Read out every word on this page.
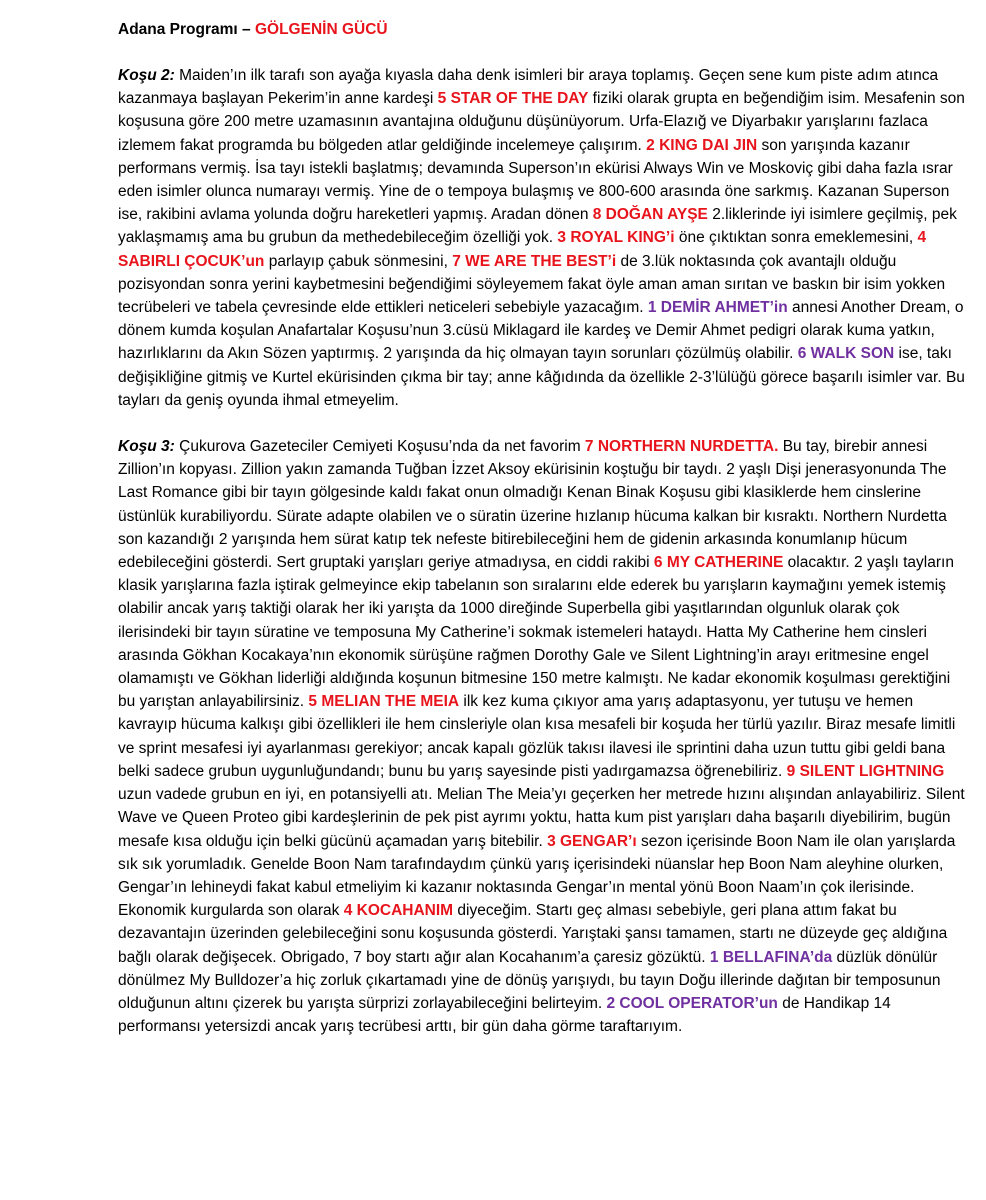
Adana Programı – GÖLGENİN GÜCÜ
Koşu 2: Maiden’ın ilk tarafı son ayağa kıyasla daha denk isimleri bir araya toplamış. Geçen sene kum piste adım atınca kazanmaya başlayan Pekerim’in anne kardeşi 5 STAR OF THE DAY fiziki olarak grupta en beğendiğim isim. Mesafenin son koşusuna göre 200 metre uzamasının avantajına olduğunu düşünüyorum. Urfa-Elazığ ve Diyarbakır yarışlarını fazlaca izlemem fakat programda bu bölgeden atlar geldiğinde incelemeye çalışırım. 2 KING DAI JIN son yarışında kazanır performans vermiş. İsa tayı istekli başlatmış; devamında Superson’ın ekürisi Always Win ve Moskoviç gibi daha fazla ısrar eden isimler olunca numarayı vermiş. Yine de o tempoya bulaşmış ve 800-600 arasında öne sarkmış. Kazanan Superson ise, rakibini avlama yolunda doğru hareketleri yapmış. Aradan dönen 8 DOĞAN AYŞE 2.liklerinde iyi isimlere geçilmiş, pek yaklaşmamış ama bu grubun da methedebileceğim özelliği yok. 3 ROYAL KING’i öne çıktıktan sonra emeklemesini, 4 SABIRLI ÇOCUK’un parlayıp çabuk sönmesini, 7 WE ARE THE BEST’i de 3.lük noktasında çok avantajlı olduğu pozisyondan sonra yerini kaybetmesini beğendiğimi söyleyemem fakat öyle aman aman sırıtan ve baskın bir isim yokken tecrübeleri ve tabela çevresinde elde ettikleri neticeleri sebebiyle yazacağım. 1 DEMİR AHMET’in annesi Another Dream, o dönem kumda koşulan Anafartalar Koşusu’nun 3.cüsü Miklagard ile kardeş ve Demir Ahmet pedigri olarak kuma yatkın, hazırlıklarını da Akın Sözen yaptırmış. 2 yarışında da hiç olmayan tayın sorunları çözülmüş olabilir. 6 WALK SON ise, takı değişikliğine gitmiş ve Kurtel ekürisinden çıkma bir tay; anne kâğıdında da özellikle 2-3’lülüğü görece başarılı isimler var. Bu tayları da geniş oyunda ihmal etmeyelim.
Koşu 3: Çukurova Gazeteciler Cemiyeti Koşusu’nda da net favorim 7 NORTHERN NURDETTA. Bu tay, birebir annesi Zillion’ın kopyası. Zillion yakın zamanda Tuğban İzzet Aksoy ekürisinin koştuğu bir taydı. 2 yaşlı Dişi jenerasyonunda The Last Romance gibi bir tayın gölgesinde kaldı fakat onun olmadığı Kenan Binak Koşusu gibi klasiklerde hem cinslerine üstünlük kurabiliyordu. Sürate adapte olabilen ve o süratin üzerine hızlanıp hücuma kalkan bir kısraktı. Northern Nurdetta son kazandığı 2 yarışında hem sürat katıp tek nefeste bitirebileceğini hem de gidenin arkasında konumlanıp hücum edebileceğini gösterdi. Sert gruptaki yarışları geriye atmadıysa, en ciddi rakibi 6 MY CATHERINE olacaktır. 2 yaşlı tayların klasik yarışlarına fazla iştirak gelmeyince ekip tabelanın son sıralarını elde ederek bu yarışların kaymağını yemek istemiş olabilir ancak yarış taktiği olarak her iki yarışta da 1000 direğinde Superbella gibi yaşıtlarından olgunluk olarak çok ilerisindeki bir tayın süratine ve temposuna My Catherine’i sokmak istemeleri hataydı. Hatta My Catherine hem cinsleri arasında Gökhan Kocakaya’nın ekonomik sürüşüne rağmen Dorothy Gale ve Silent Lightning’in arayı eritmesine engel olamamıştı ve Gökhan liderliği aldığında koşunun bitmesine 150 metre kalmıştı. Ne kadar ekonomik koşulması gerektiğini bu yarıştan anlayabilirsiniz. 5 MELIAN THE MEIA ilk kez kuma çıkıyor ama yarış adaptasyonu, yer tutuşu ve hemen kavrayıp hücuma kalkışı gibi özellikleri ile hem cinsleriyle olan kısa mesafeli bir koşuda her türlü yazılır. Biraz mesafe limitli ve sprint mesafesi iyi ayarlanması gerekiyor; ancak kapalı gözlük takısı ilavesi ile sprintini daha uzun tuttu gibi geldi bana belki sadece grubun uygunluğundandı; bunu bu yarış sayesinde pisti yadırgamazsa öğrenebiliriz. 9 SILENT LIGHTNING uzun vadede grubun en iyi, en potansiyelli atı. Melian The Meia’yı geçerken her metrede hızını alışından anlayabiliriz. Silent Wave ve Queen Proteo gibi kardeşlerinin de pek pist ayrımı yoktu, hatta kum pist yarışları daha başarılı diyebilirim, bugün mesafe kısa olduğu için belki gücünü açamadan yarış bitebilir. 3 GENGAR’ı sezon içerisinde Boon Nam ile olan yarışlarda sık sık yorumladık. Genelde Boon Nam tarafındaydım çünkü yarış içerisindeki nüanslar hep Boon Nam aleyhine olurken, Gengar’ın lehineydi fakat kabul etmeliyim ki kazanır noktasında Gengar’ın mental yönü Boon Naam’ın çok ilerisinde. Ekonomik kurgularda son olarak 4 KOCAHANIM diyeceğim. Startı geç alması sebebiyle, geri plana attım fakat bu dezavantajın üzerinden gelebileceğini sonu koşusunda gösterdi. Yarıştaki şansı tamamen, startı ne düzeyde geç aldığına bağlı olarak değişecek. Obrigado, 7 boy startı ağır alan Kocahanım’a çaresiz gözüktü. 1 BELLAFINA’da düzlük dönülür dönülmez My Bulldozer’a hiç zorluk çıkartamadı yine de dönüş yarışıydı, bu tayın Doğu illerinde dağıtan bir temposunun olduğunun altını çizerek bu yarışta sürprizi zorlayabileceğini belirteyim. 2 COOL OPERATOR’un de Handikap 14 performansı yetersizdi ancak yarış tecrübesi arttı, bir gün daha görme taraftarıyım.
